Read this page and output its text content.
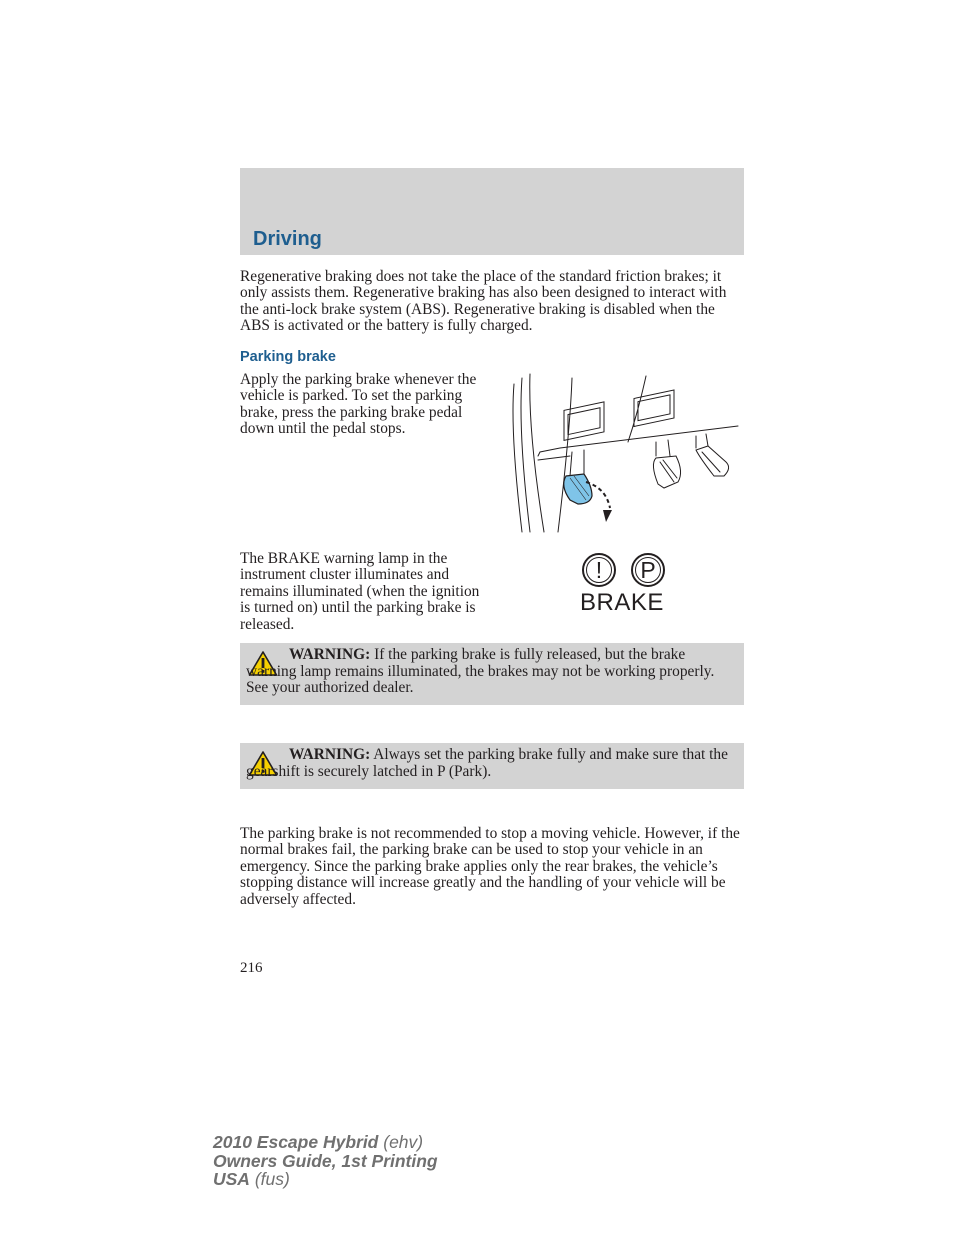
Driving

Regenerative braking does not take the place of the standard friction brakes; it only assists them. Regenerative braking has also been designed to interact with the anti-lock brake system (ABS). Regenerative braking is disabled when the ABS is activated or the battery is fully charged.

Parking brake

Apply the parking brake whenever the vehicle is parked. To set the parking brake, press the parking brake pedal down until the pedal stops.

The BRAKE warning lamp in the instrument cluster illuminates and remains illuminated (when the ignition is turned on) until the parking brake is released.

!	P
BRAKE

WARNING: If the parking brake is fully released, but the brake warning lamp remains illuminated, the brakes may not be working properly. See your authorized dealer.

WARNING: Always set the parking brake fully and make sure that the gearshift is securely latched in P (Park).

The parking brake is not recommended to stop a moving vehicle. However, if the normal brakes fail, the parking brake can be used to stop your vehicle in an emergency. Since the parking brake applies only the rear brakes, the vehicle’s stopping distance will increase greatly and the handling of your vehicle will be adversely affected.

216

2010 Escape Hybrid (ehv)
Owners Guide, 1st Printing
USA (fus)
